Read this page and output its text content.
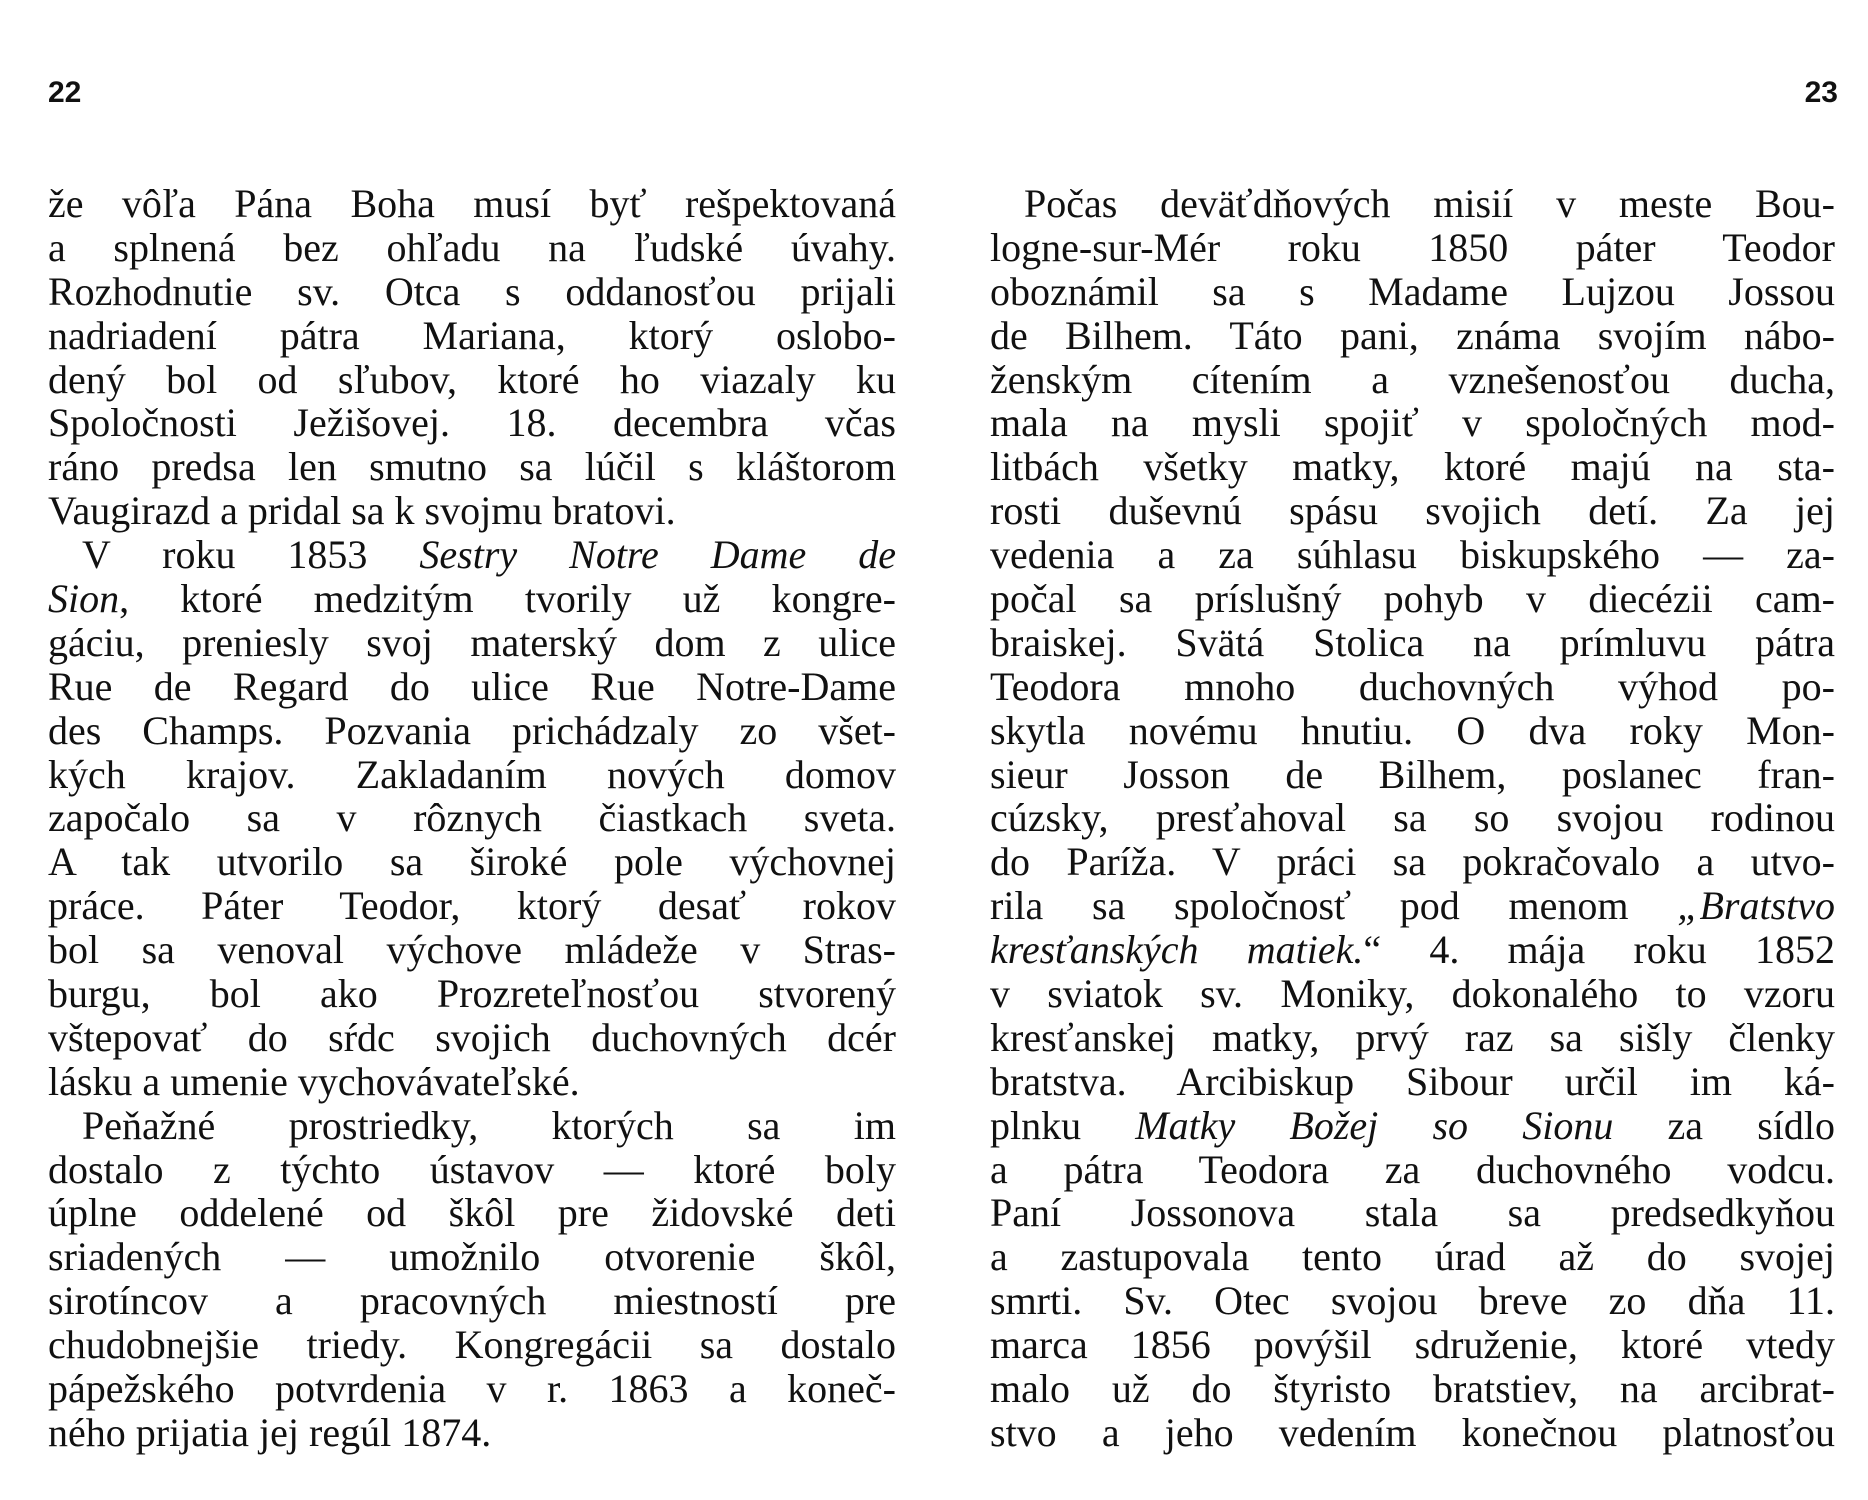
22	23
že vôľa Pána Boha musí byť rešpektovaná
a splnená bez ohľadu na ľudské úvahy.
Rozhodnutie sv. Otca s oddanosťou prijali
nadriadení pátra Mariana, ktorý oslobo-
dený bol od sľubov, ktoré ho viazaly ku
Spoločnosti Ježišovej. 18. decembra včas
ráno predsa len smutno sa lúčil s kláštorom
Vaugirazd a pridal sa k svojmu bratovi.
V roku 1853 Sestry Notre Dame de
Sion, ktoré medzitým tvorily už kongre-
gáciu, preniesly svoj materský dom z ulice
Rue de Regard do ulice Rue Notre-Dame
des Champs. Pozvania prichádzaly zo všet-
kých krajov. Zakladaním nových domov
započalo sa v rôznych čiastkach sveta.
A tak utvorilo sa široké pole výchovnej
práce. Páter Teodor, ktorý desať rokov
bol sa venoval výchove mládeže v Stras-
burgu, bol ako Prozreteľnosťou stvorený
vštepovať do sŕdc svojich duchovných dcér
lásku a umenie vychovávateľské.
Peňažné prostriedky, ktorých sa im
dostalo z týchto ústavov — ktoré boly
úplne oddelené od škôl pre židovské deti
sriadených — umožnilo otvorenie škôl,
sirotíncov a pracovných miestností pre
chudobnejšie triedy. Kongregácii sa dostalo
pápežského potvrdenia v r. 1863 a koneč-
ného prijatia jej regúl 1874.
Počas deväťdňových misií v meste Bou-
logne-sur-Mér roku 1850 páter Teodor
oboznámil sa s Madame Lujzou Jossou
de Bilhem. Táto pani, známa svojím nábo-
ženským cítením a vznešenosťou ducha,
mala na mysli spojiť v spoločných mod-
litbách všetky matky, ktoré majú na sta-
rosti duševnú spásu svojich detí. Za jej
vedenia a za súhlasu biskupského — za-
počal sa príslušný pohyb v diecézii cam-
braiskej. Svätá Stolica na prímluvu pátra
Teodora mnoho duchovných výhod po-
skytla novému hnutiu. O dva roky Mon-
sieur Josson de Bilhem, poslanec fran-
cúzsky, presťahoval sa so svojou rodinou
do Paríža. V práci sa pokračovalo a utvo-
rila sa spoločnosť pod menom „Bratstvo
kresťanských matiek.“ 4. mája roku 1852
v sviatok sv. Moniky, dokonalého to vzoru
kresťanskej matky, prvý raz sa sišly členky
bratstva. Arcibiskup Sibour určil im ká-
plnku Matky Božej so Sionu za sídlo
a pátra Teodora za duchovného vodcu.
Paní Jossonova stala sa predsedkyňou
a zastupovala tento úrad až do svojej
smrti. Sv. Otec svojou breve zo dňa 11.
marca 1856 povýšil sdruženie, ktoré vtedy
malo už do štyristo bratstiev, na arcibrat-
stvo a jeho vedením konečnou platnosťou
